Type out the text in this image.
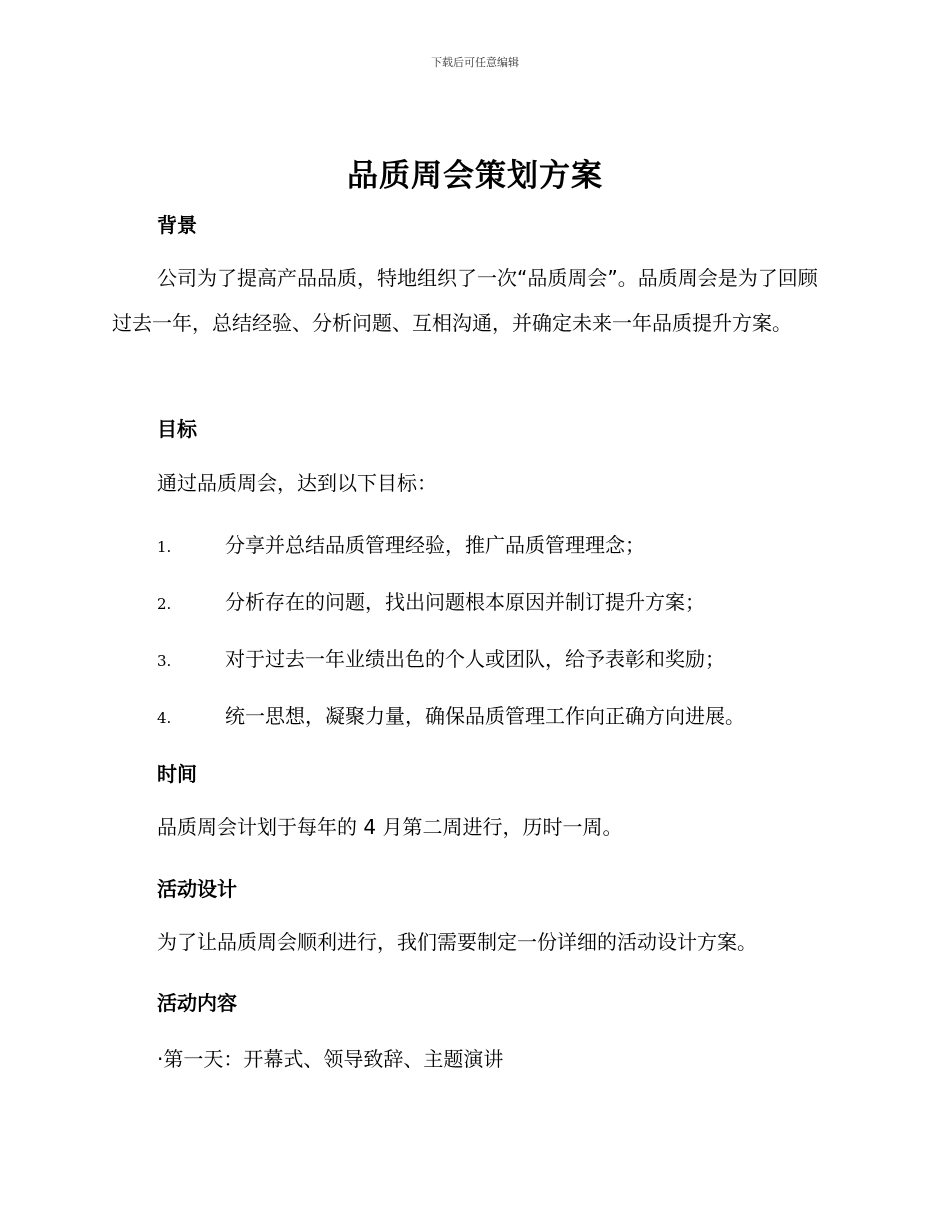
下载后可任意编辑
品质周会策划方案
背景
公司为了提高产品品质，特地组织了一次“品质周会”。品质周会是为了回顾过去一年，总结经验、分析问题、互相沟通，并确定未来一年品质提升方案。
目标
通过品质周会，达到以下目标：
1.	分享并总结品质管理经验，推广品质管理理念；
2.	分析存在的问题，找出问题根本原因并制订提升方案；
3.	对于过去一年业绩出色的个人或团队，给予表彰和奖励；
4.	统一思想，凝聚力量，确保品质管理工作向正确方向进展。
时间
品质周会计划于每年的 4 月第二周进行，历时一周。
活动设计
为了让品质周会顺利进行，我们需要制定一份详细的活动设计方案。
活动内容
·第一天：开幕式、领导致辞、主题演讲
